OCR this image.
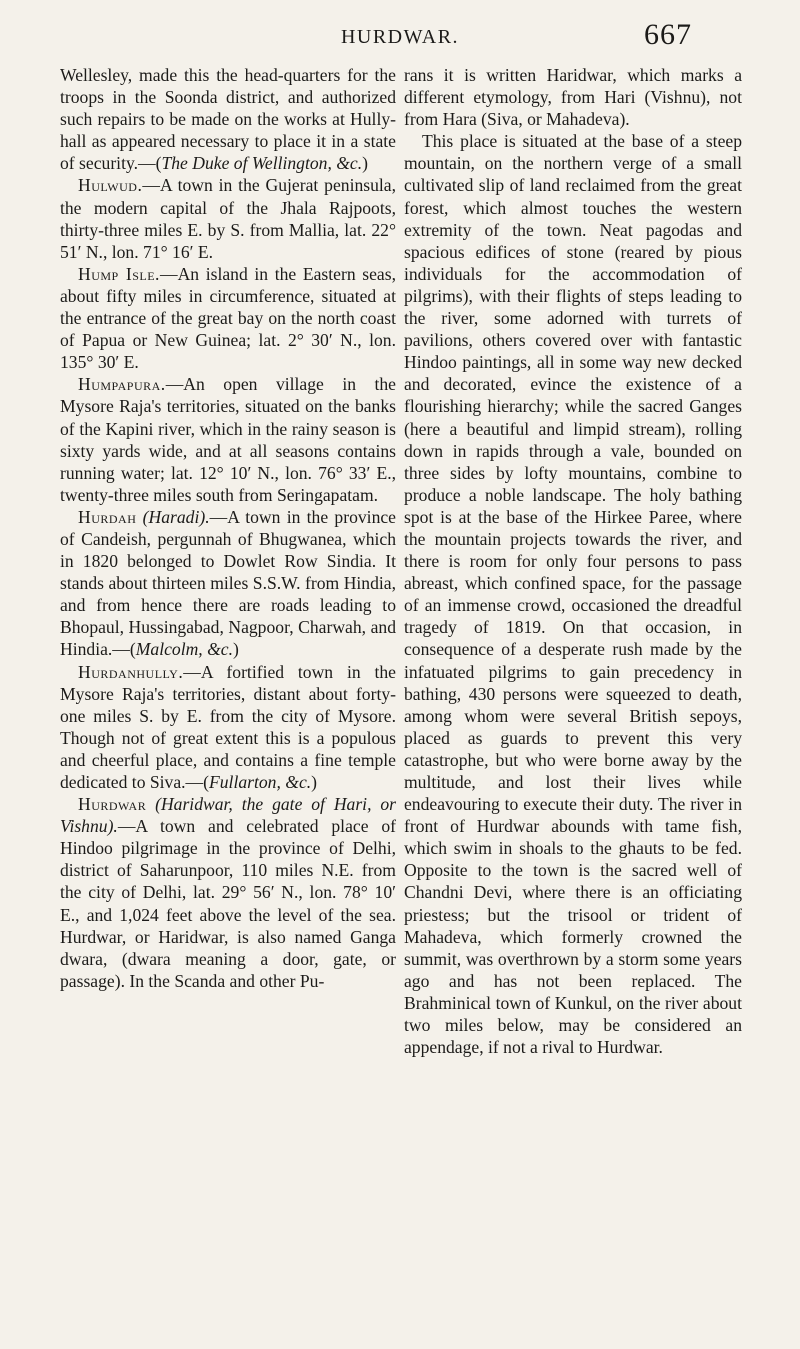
HURDWAR.	667

Wellesley, made this the head-quarters for the troops in the Soonda district, and authorized such repairs to be made on the works at Hully-hall as appeared necessary to place it in a state of security.—(The Duke of Wellington, &c.)

Hulwud.—A town in the Gujerat peninsula, the modern capital of the Jhala Rajpoots, thirty-three miles E. by S. from Mallia, lat. 22° 51′ N., lon. 71° 16′ E.

Hump Isle.—An island in the Eastern seas, about fifty miles in circumference, situated at the entrance of the great bay on the north coast of Papua or New Guinea; lat. 2° 30′ N., lon. 135° 30′ E.

Humpapura.—An open village in the Mysore Raja's territories, situated on the banks of the Kapini river, which in the rainy season is sixty yards wide, and at all seasons contains running water; lat. 12° 10′ N., lon. 76° 33′ E., twenty-three miles south from Seringapatam.

Hurdah (Haradi).—A town in the province of Candeish, pergunnah of Bhugwanea, which in 1820 belonged to Dowlet Row Sindia. It stands about thirteen miles S.S.W. from Hindia, and from hence there are roads leading to Bhopaul, Hussingabad, Nagpoor, Charwah, and Hindia.—(Malcolm, &c.)

Hurdanhully.—A fortified town in the Mysore Raja's territories, distant about forty-one miles S. by E. from the city of Mysore. Though not of great extent this is a populous and cheerful place, and contains a fine temple dedicated to Siva.—(Fullarton, &c.)

Hurdwar (Haridwar, the gate of Hari, or Vishnu).—A town and celebrated place of Hindoo pilgrimage in the province of Delhi, district of Saharunpoor, 110 miles N.E. from the city of Delhi, lat. 29° 56′ N., lon. 78° 10′ E., and 1,024 feet above the level of the sea. Hurdwar, or Haridwar, is also named Ganga dwara, (dwara meaning a door, gate, or passage). In the Scanda and other Pu-

rans it is written Haridwar, which marks a different etymology, from Hari (Vishnu), not from Hara (Siva, or Mahadeva).

This place is situated at the base of a steep mountain, on the northern verge of a small cultivated slip of land reclaimed from the great forest, which almost touches the western extremity of the town. Neat pagodas and spacious edifices of stone (reared by pious individuals for the accommodation of pilgrims), with their flights of steps leading to the river, some adorned with turrets of pavilions, others covered over with fantastic Hindoo paintings, all in some way new decked and decorated, evince the existence of a flourishing hierarchy; while the sacred Ganges (here a beautiful and limpid stream), rolling down in rapids through a vale, bounded on three sides by lofty mountains, combine to produce a noble landscape. The holy bathing spot is at the base of the Hirkee Paree, where the mountain projects towards the river, and there is room for only four persons to pass abreast, which confined space, for the passage of an immense crowd, occasioned the dreadful tragedy of 1819. On that occasion, in consequence of a desperate rush made by the infatuated pilgrims to gain precedency in bathing, 430 persons were squeezed to death, among whom were several British sepoys, placed as guards to prevent this very catastrophe, but who were borne away by the multitude, and lost their lives while endeavouring to execute their duty. The river in front of Hurdwar abounds with tame fish, which swim in shoals to the ghauts to be fed. Opposite to the town is the sacred well of Chandni Devi, where there is an officiating priestess; but the trisool or trident of Mahadeva, which formerly crowned the summit, was overthrown by a storm some years ago and has not been replaced. The Brahminical town of Kunkul, on the river about two miles below, may be considered an appendage, if not a rival to Hurdwar.
